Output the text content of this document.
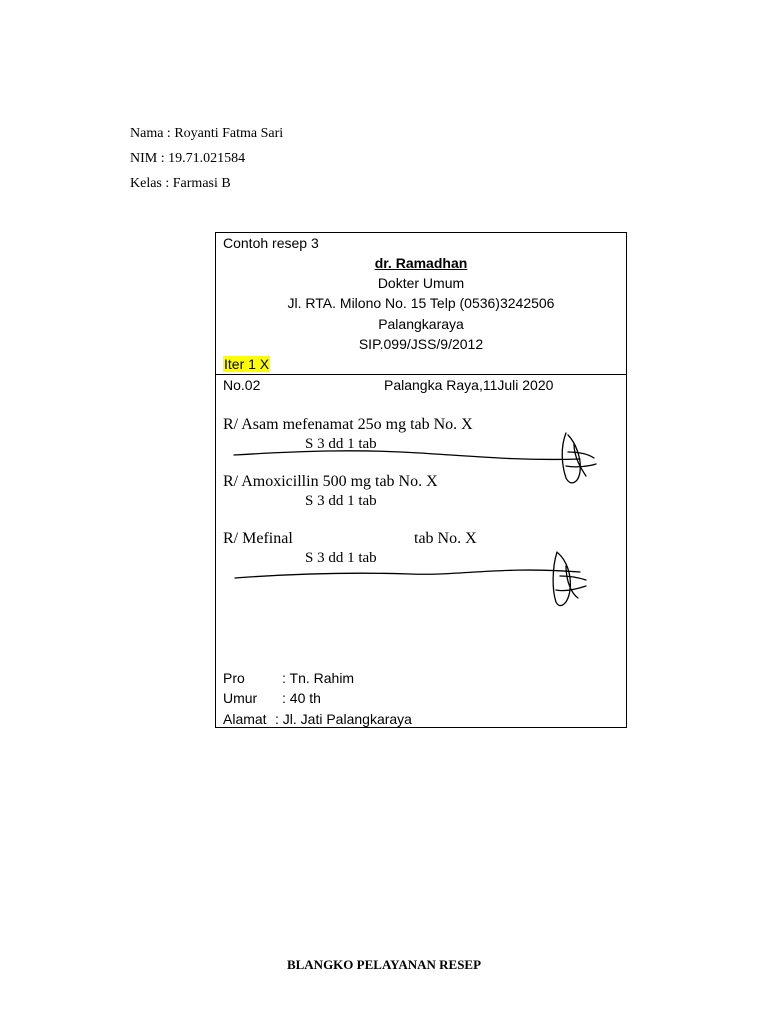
Nama : Royanti Fatma Sari
NIM : 19.71.021584
Kelas : Farmasi B
Contoh resep 3
dr. Ramadhan
Dokter Umum
Jl. RTA. Milono No. 15 Telp (0536)3242506
Palangkaraya
SIP.099/JSS/9/2012
Iter 1 X
No.02	Palangka Raya,11Juli 2020
R/ Asam mefenamat 25o mg tab No. X
S 3 dd 1 tab
R/ Amoxicillin 500 mg tab No. X
S 3 dd 1 tab
R/ Mefinal	tab No. X
S 3 dd 1 tab
Pro	: Tn. Rahim
Umur : 40 th
Alamat : Jl. Jati Palangkaraya
BLANGKO PELAYANAN RESEP
